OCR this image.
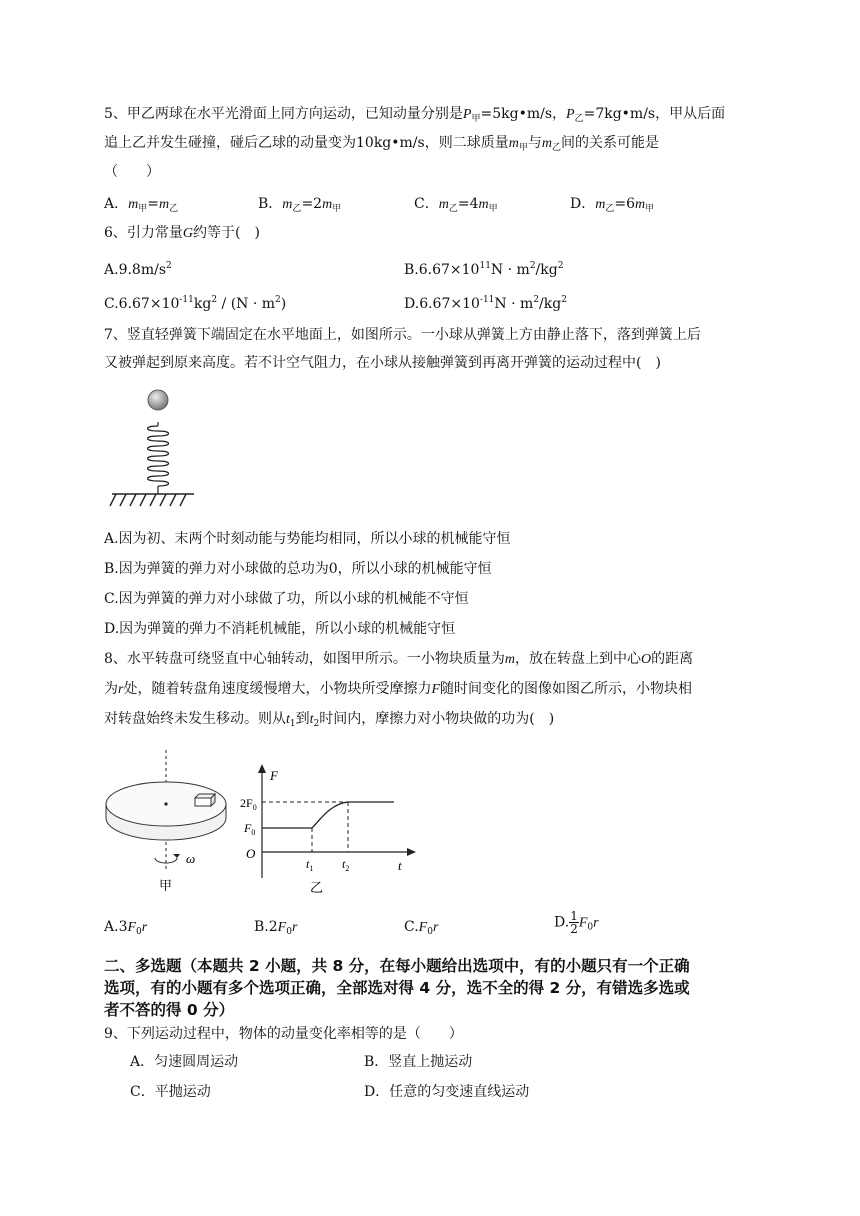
5、甲乙两球在水平光滑面上同方向运动，已知动量分别是$P_甲=5kg•m/s$，$P_乙=7kg•m/s$，甲从后面
追上乙并发生碰撞，碰后乙球的动量变为10kg•m/s，则二球质量$m_甲$与$m_乙$间的关系可能是
（　　）
A．$m_甲=m_乙$	B．$m_乙=2m_甲$	C．$m_乙=4m_甲$	D．$m_乙=6m_甲$
6、引力常量G约等于(　)
$A.9.8m/s^2$	$B.6.67\times 10^{11}N \cdot m^2/kg^2$
$C.6.67\times 10^{-11}kg^2 / (N \cdot m^2)$	$D.6.67\times 10^{-11}N \cdot m^2/kg^2$
7、竖直轻弹簧下端固定在水平地面上，如图所示。一小球从弹簧上方由静止落下，落到弹簧上后
又被弹起到原来高度。若不计空气阻力，在小球从接触弹簧到再离开弹簧的运动过程中(　)
A.因为初、末两个时刻动能与势能均相同，所以小球的机械能守恒
B.因为弹簧的弹力对小球做的总功为0，所以小球的机械能守恒
C.因为弹簧的弹力对小球做了功，所以小球的机械能不守恒
D.因为弹簧的弹力不消耗机械能，所以小球的机械能守恒
8、水平转盘可绕竖直中心轴转动，如图甲所示。一小物块质量为m，放在转盘上到中心O的距离
为r处，随着转盘角速度缓慢增大，小物块所受摩擦力F随时间变化的图像如图乙所示，小物块相
对转盘始终未发生移动。则从$t_1$到$t_2$时间内，摩擦力对小物块做的功为(　)
ω
甲
F
t
O
$2F_0$
$F_0$
$t_1$ $t_2$
乙
$A.3F_0r$	$B.2F_0r$	$C.F_0r$	D. $\frac{1}{2} F_0r$
二、多选题（本题共 2 小题，共 8 分，在每小题给出选项中，有的小题只有一个正确
选项，有的小题有多个选项正确，全部选对得 4 分，选不全的得 2 分，有错选多选或
者不答的得 0 分）
9、下列运动过程中，物体的动量变化率相等的是（　　）
A．匀速圆周运动	B．竖直上抛运动
C．平抛运动	D．任意的匀变速直线运动
